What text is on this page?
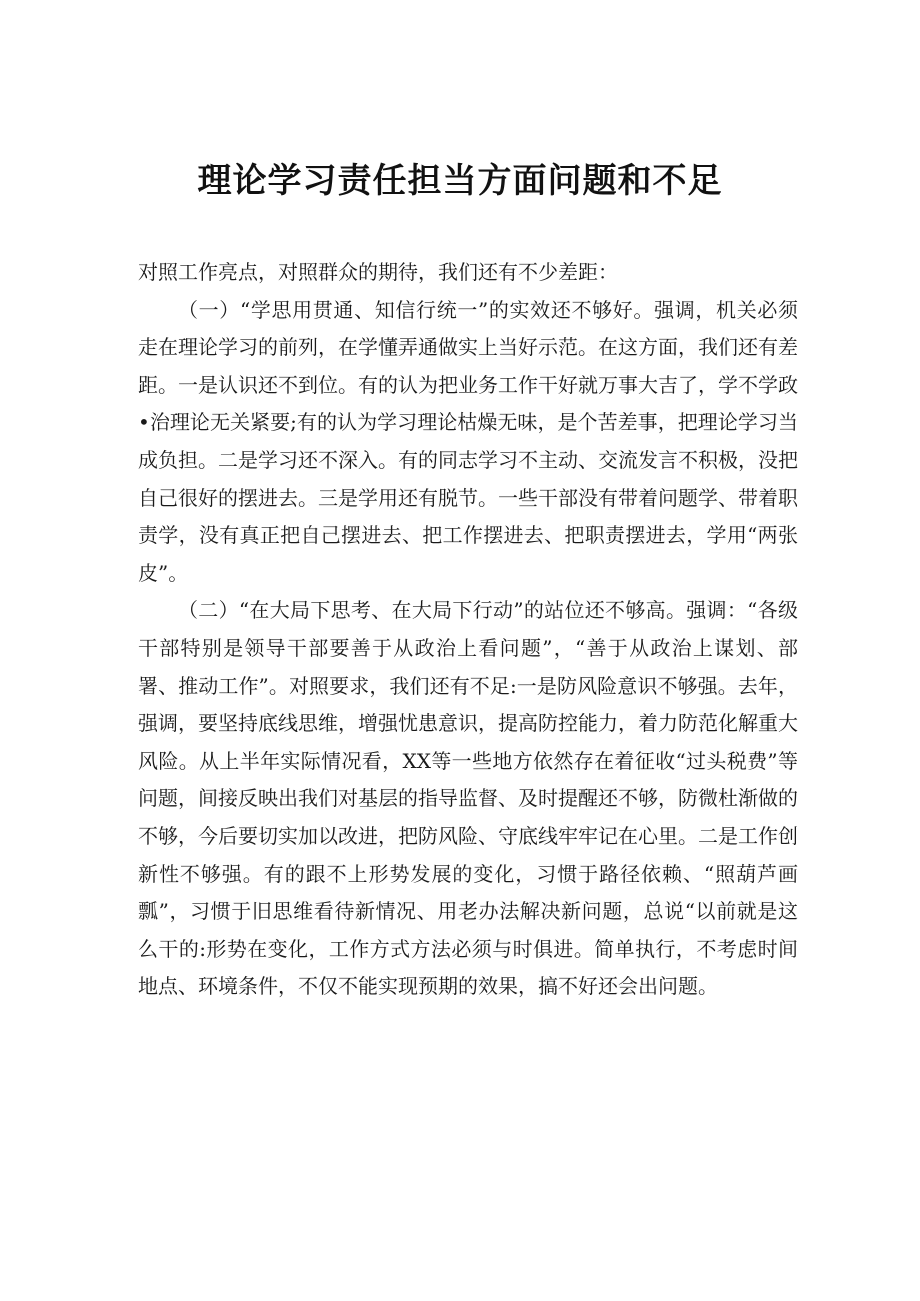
理论学习责任担当方面问题和不足

对照工作亮点，对照群众的期待，我们还有不少差距：

（一）“学思用贯通、知信行统一”的实效还不够好。强调，机关必须走在理论学习的前列，在学懂弄通做实上当好示范。在这方面，我们还有差距。一是认识还不到位。有的认为把业务工作干好就万事大吉了，学不学政•治理论无关紧要;有的认为学习理论枯燥无味，是个苦差事，把理论学习当成负担。二是学习还不深入。有的同志学习不主动、交流发言不积极，没把自己很好的摆进去。三是学用还有脱节。一些干部没有带着问题学、带着职责学，没有真正把自己摆进去、把工作摆进去、把职责摆进去，学用“两张皮”。

（二）“在大局下思考、在大局下行动”的站位还不够高。强调：“各级干部特别是领导干部要善于从政治上看问题”，“善于从政治上谋划、部署、推动工作”。对照要求，我们还有不足:一是防风险意识不够强。去年，强调，要坚持底线思维，增强忧患意识，提高防控能力，着力防范化解重大风险。从上半年实际情况看，XX等一些地方依然存在着征收“过头税费”等问题，间接反映出我们对基层的指导监督、及时提醒还不够，防微杜渐做的不够，今后要切实加以改进，把防风险、守底线牢牢记在心里。二是工作创新性不够强。有的跟不上形势发展的变化，习惯于路径依赖、“照葫芦画瓢”，习惯于旧思维看待新情况、用老办法解决新问题，总说“以前就是这么干的:形势在变化，工作方式方法必须与时俱进。简单执行，不考虑时间地点、环境条件，不仅不能实现预期的效果，搞不好还会出问题。
